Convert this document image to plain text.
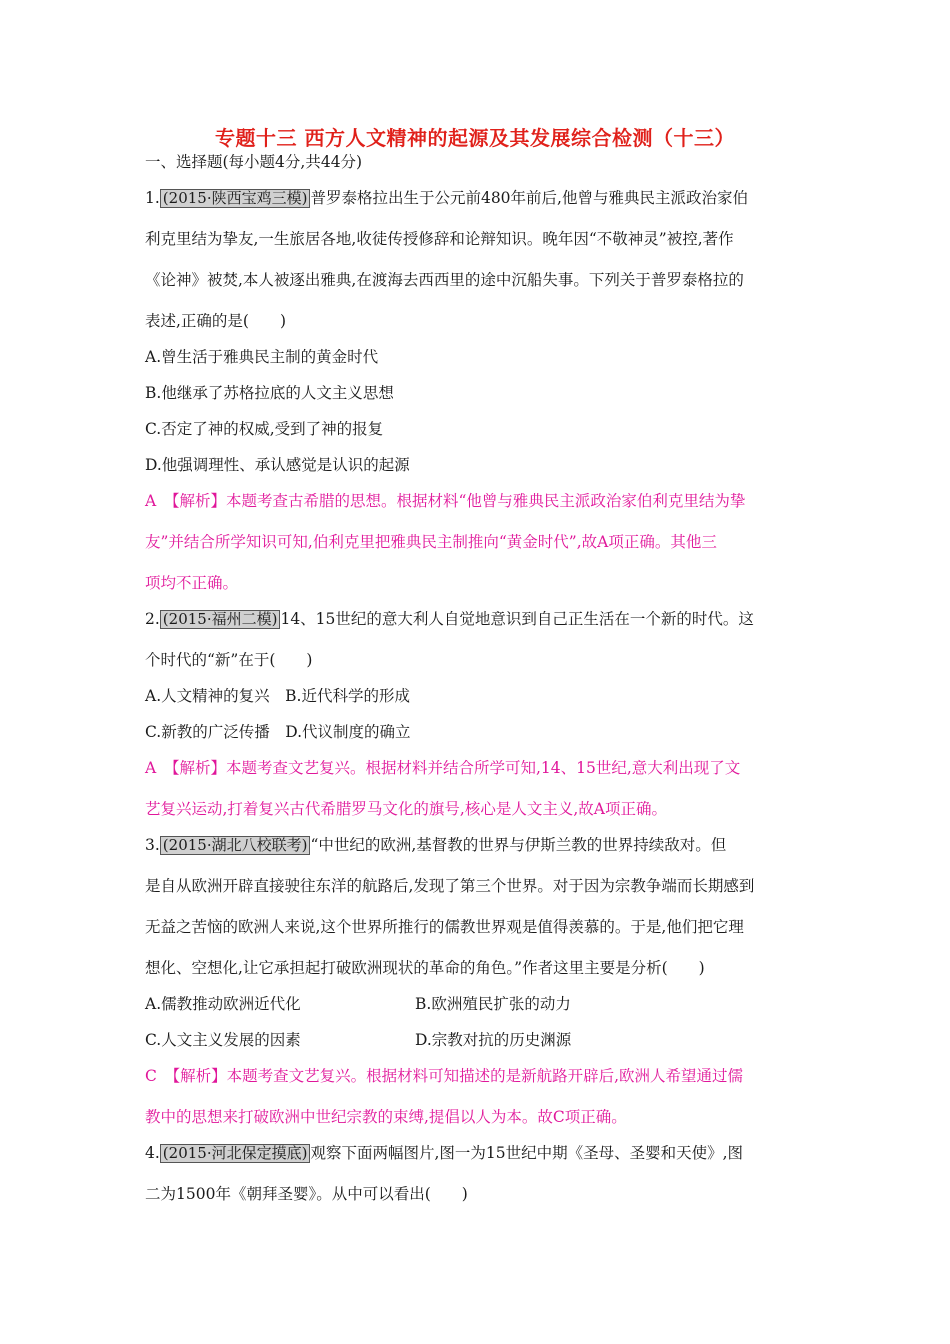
专题十三 西方人文精神的起源及其发展综合检测（十三）
一、选择题(每小题4分,共44分)
1. (2015·陕西宝鸡三模) 普罗泰格拉出生于公元前480年前后,他曾与雅典民主派政治家伯
利克里结为挚友,一生旅居各地,收徒传授修辞和论辩知识。晚年因“不敬神灵”被控,著作
《论神》被焚,本人被逐出雅典,在渡海去西西里的途中沉船失事。下列关于普罗泰格拉的
表述,正确的是(　　)
A.曾生活于雅典民主制的黄金时代
B.他继承了苏格拉底的人文主义思想
C.否定了神的权威,受到了神的报复
D.他强调理性、承认感觉是认识的起源
A　【解析】本题考查古希腊的思想。根据材料“他曾与雅典民主派政治家伯利克里结为挚
友”并结合所学知识可知,伯利克里把雅典民主制推向“黄金时代”,故A项正确。其他三
项均不正确。
2. (2015·福州二模) 14、15世纪的意大利人自觉地意识到自己正生活在一个新的时代。这
个时代的“新”在于(　　)
A.人文精神的复兴　B.近代科学的形成
C.新教的广泛传播　D.代议制度的确立
A　【解析】本题考查文艺复兴。根据材料并结合所学可知,14、15世纪,意大利出现了文
艺复兴运动,打着复兴古代希腊罗马文化的旗号,核心是人文主义,故A项正确。
3. (2015·湖北八校联考) “中世纪的欧洲,基督教的世界与伊斯兰教的世界持续敌对。但
是自从欧洲开辟直接驶往东洋的航路后,发现了第三个世界。对于因为宗教争端而长期感到
无益之苦恼的欧洲人来说,这个世界所推行的儒教世界观是值得羡慕的。于是,他们把它理
想化、空想化,让它承担起打破欧洲现状的革命的角色。”作者这里主要是分析(　　)
A.儒教推动欧洲近代化	B.欧洲殖民扩张的动力
C.人文主义发展的因素	D.宗教对抗的历史渊源
C　【解析】本题考查文艺复兴。根据材料可知描述的是新航路开辟后,欧洲人希望通过儒
教中的思想来打破欧洲中世纪宗教的束缚,提倡以人为本。故C项正确。
4. (2015·河北保定摸底) 观察下面两幅图片,图一为15世纪中期《圣母、圣婴和天使》,图
二为1500年《朝拜圣婴》。从中可以看出(　　)
